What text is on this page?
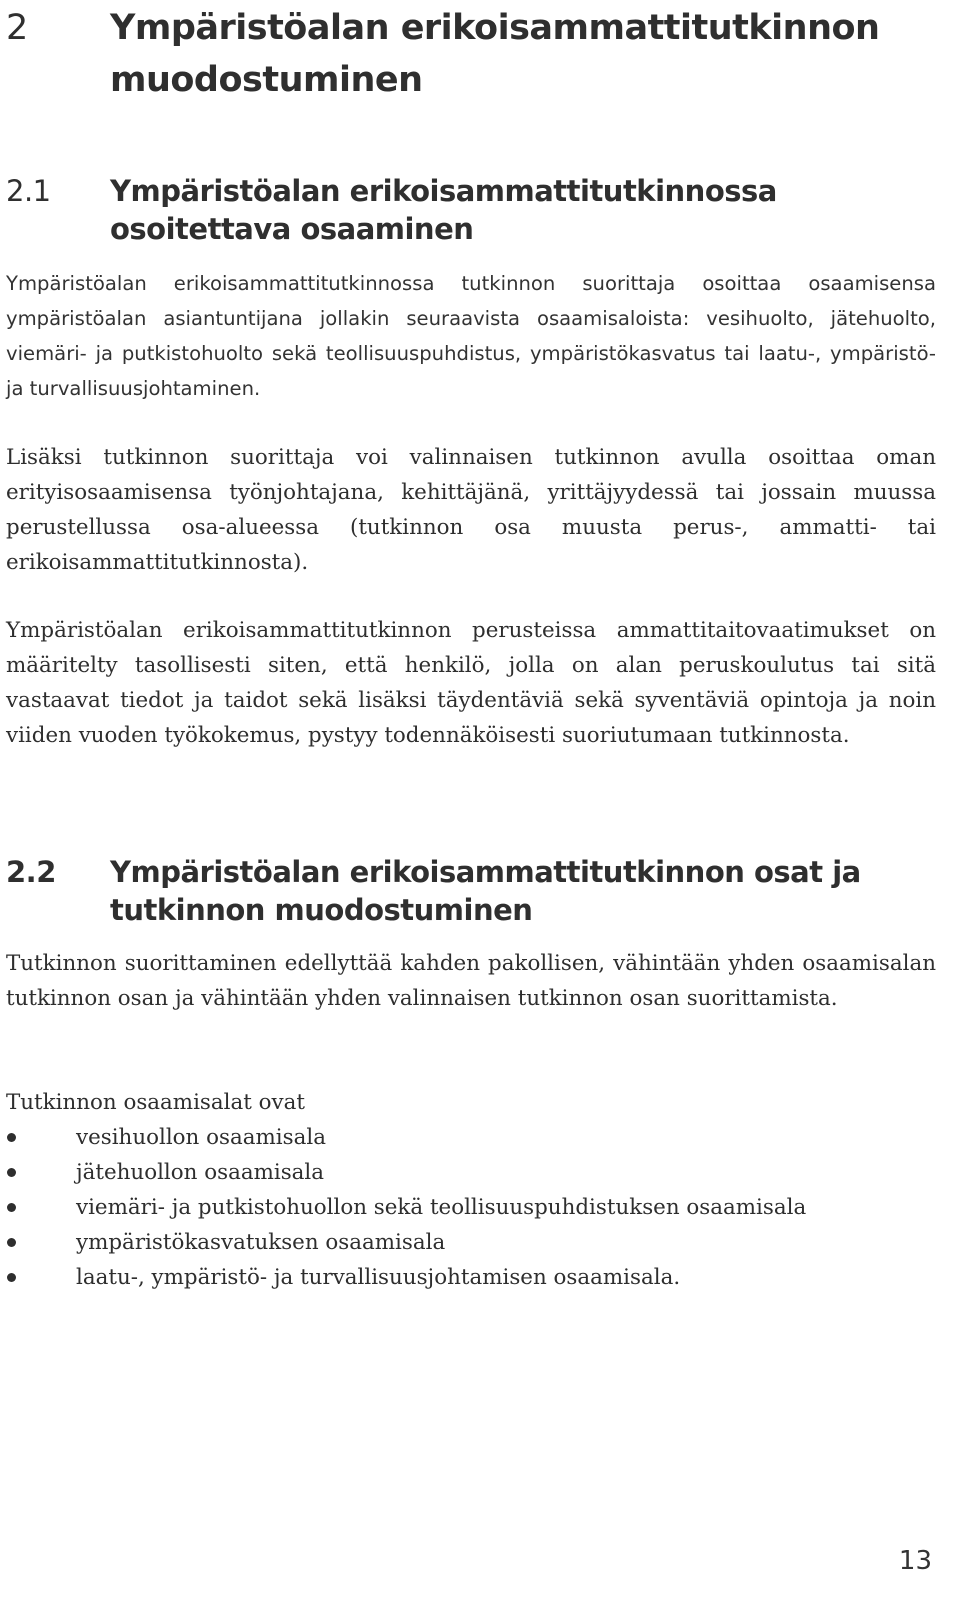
2	Ympäristöalan erikoisammattitutkinnon muodostuminen
2.1	Ympäristöalan erikoisammattitutkinnossa osoitettava osaaminen

Ympäristöalan erikoisammattitutkinnossa tutkinnon suorittaja osoittaa osaamisensa ympäristöalan asiantuntijana jollakin seuraavista osaamisaloista: vesihuolto, jätehuolto, viemäri- ja putkistohuolto sekä teollisuuspuhdistus, ympäristökasvatus tai laatu-, ympäristö- ja turvallisuusjohtaminen.

Lisäksi tutkinnon suorittaja voi valinnaisen tutkinnon avulla osoittaa oman erityisosaamisensa työnjohtajana, kehittäjänä, yrittäjyydessä tai jossain muussa perustellussa osa-alueessa (tutkinnon osa muusta perus-, ammatti- tai erikoisammattitutkinnosta).

Ympäristöalan erikoisammattitutkinnon perusteissa ammattitaitovaatimukset on määritelty tasollisesti siten, että henkilö, jolla on alan peruskoulutus tai sitä vastaavat tiedot ja taidot sekä lisäksi täydentäviä sekä syventäviä opintoja ja noin viiden vuoden työkokemus, pystyy todennäköisesti suoriutumaan tutkinnosta.

2.2	Ympäristöalan erikoisammattitutkinnon osat ja tutkinnon muodostuminen

Tutkinnon suorittaminen edellyttää kahden pakollisen, vähintään yhden osaamisalan tutkinnon osan ja vähintään yhden valinnaisen tutkinnon osan suorittamista.

Tutkinnon osaamisalat ovat

vesihuollon osaamisala
jätehuollon osaamisala
viemäri- ja putkistohuollon sekä teollisuuspuhdistuksen osaamisala
ympäristökasvatuksen osaamisala
laatu-, ympäristö- ja turvallisuusjohtamisen osaamisala.
13
